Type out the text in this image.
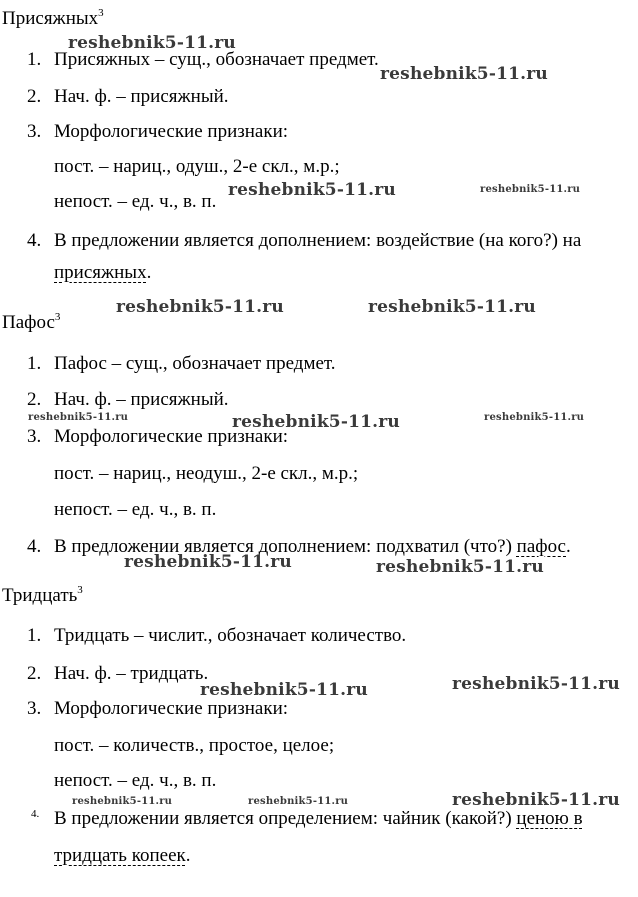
Присяжных$^3$
1. Присяжных – сущ., обозначает предмет.
2. Нач. ф. – присяжный.
3. Морфологические признаки:
пост. – нариц., одуш., 2-е скл., м.р.;
непост. – ед. ч., в. п.
4. В предложении является дополнением: воздействие (на кого?) на
присяжных.
Пафос$^3$
1. Пафос – сущ., обозначает предмет.
2. Нач. ф. – присяжный.
3. Морфологические признаки:
пост. – нариц., неодуш., 2-е скл., м.р.;
непост. – ед. ч., в. п.
4. В предложении является дополнением: подхватил (что?) пафос.
Тридцать$^3$
1. Тридцать – числит., обозначает количество.
2. Нач. ф. – тридцать.
3. Морфологические признаки:
пост. – количеств., простое, целое;
непост. – ед. ч., в. п.
4. В предложении является определением: чайник (какой?) ценою в
тридцать копеек.
reshebnik5-11.ru
reshebnik5-11.ru
reshebnik5-11.ru	reshebnik5-11.ru
reshebnik5-11.ru	reshebnik5-11.ru
reshebnik5-11.ru	reshebnik5-11.ru	reshebnik5-11.ru
reshebnik5-11.ru	reshebnik5-11.ru
reshebnik5-11.ru	reshebnik5-11.ru
reshebnik5-11.ru	reshebnik5-11.ru	reshebnik5-11.ru
